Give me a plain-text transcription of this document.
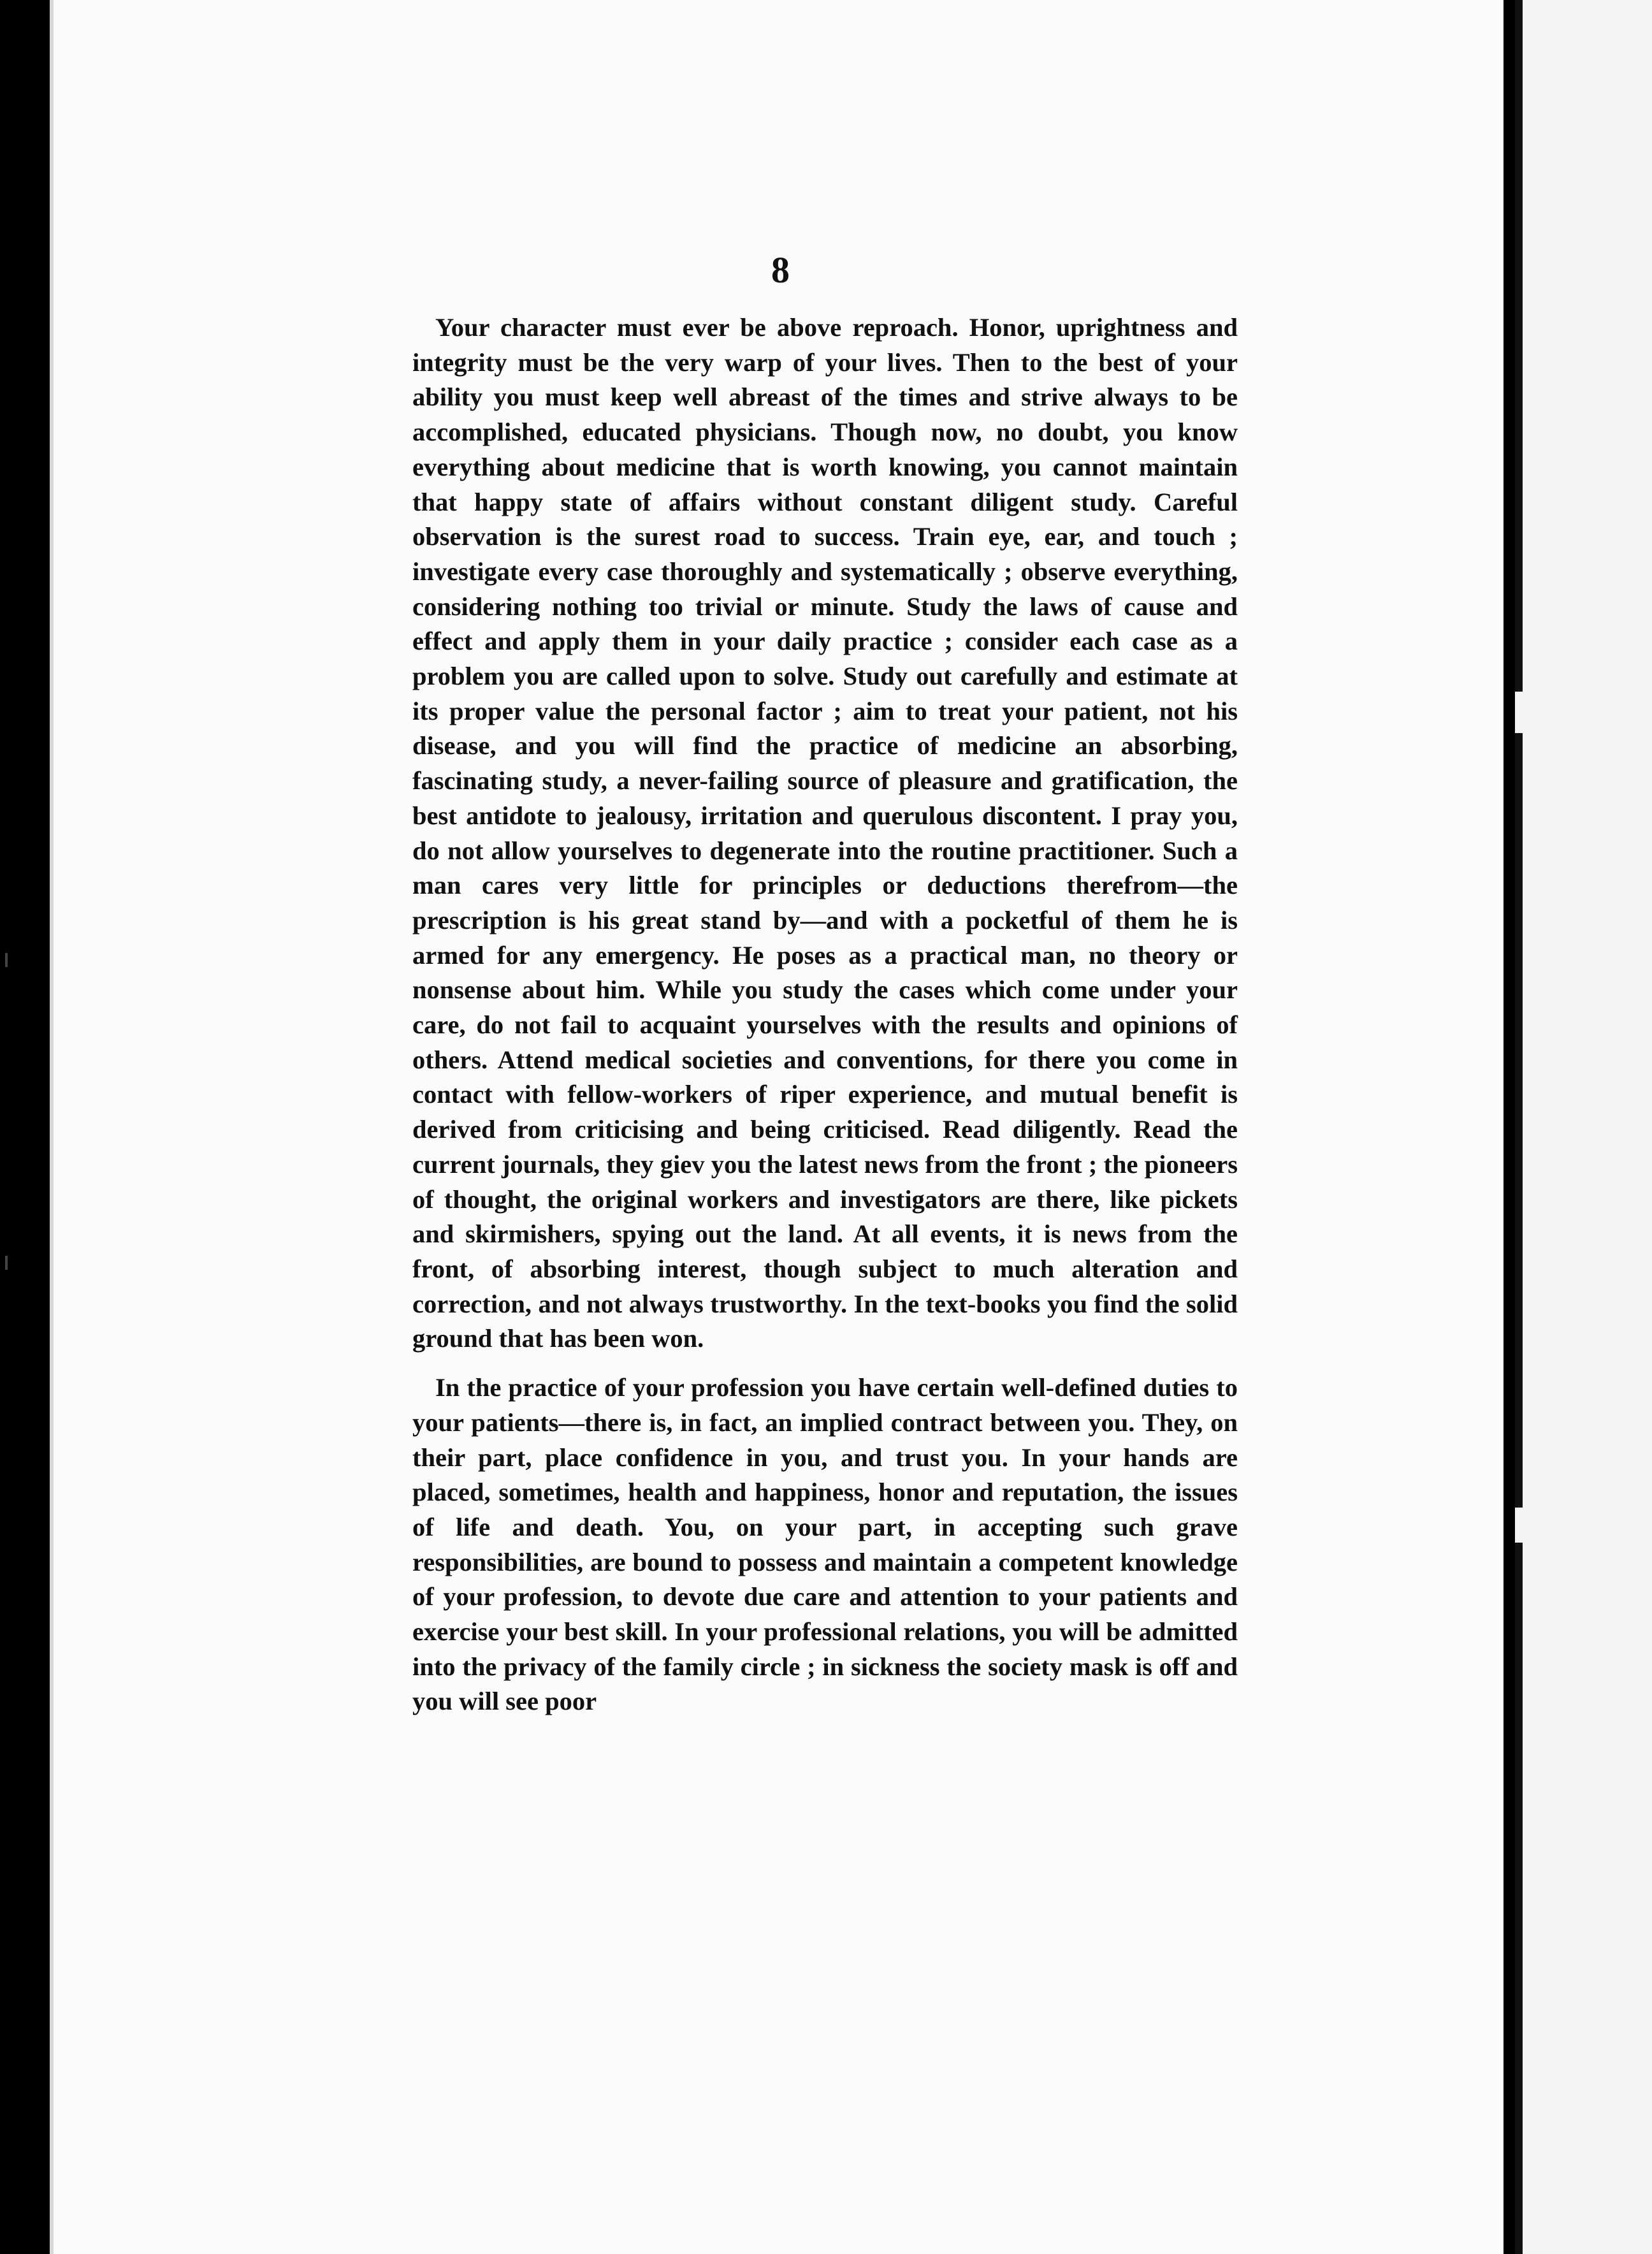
8

Your character must ever be above reproach. Honor, uprightness and integrity must be the very warp of your lives. Then to the best of your ability you must keep well abreast of the times and strive always to be accomplished, educated physicians. Though now, no doubt, you know everything about medicine that is worth knowing, you cannot maintain that happy state of affairs without constant diligent study. Careful observation is the surest road to success. Train eye, ear, and touch ; investigate every case thoroughly and systematically ; observe everything, considering nothing too trivial or minute. Study the laws of cause and effect and apply them in your daily practice ; consider each case as a problem you are called upon to solve. Study out carefully and estimate at its proper value the personal factor ; aim to treat your patient, not his disease, and you will find the practice of medicine an absorbing, fascinating study, a never-failing source of pleasure and gratification, the best antidote to jealousy, irritation and querulous discontent. I pray you, do not allow yourselves to degenerate into the routine practitioner. Such a man cares very little for principles or deductions therefrom—the prescription is his great stand by—and with a pocketful of them he is armed for any emergency. He poses as a practical man, no theory or nonsense about him. While you study the cases which come under your care, do not fail to acquaint yourselves with the results and opinions of others. Attend medical societies and conventions, for there you come in contact with fellow-workers of riper experience, and mutual benefit is derived from criticising and being criticised. Read diligently. Read the current journals, they giev you the latest news from the front ; the pioneers of thought, the original workers and investigators are there, like pickets and skirmishers, spying out the land. At all events, it is news from the front, of absorbing interest, though subject to much alteration and correction, and not always trustworthy. In the text-books you find the solid ground that has been won.

In the practice of your profession you have certain well-defined duties to your patients—there is, in fact, an implied contract between you. They, on their part, place confidence in you, and trust you. In your hands are placed, sometimes, health and happiness, honor and reputation, the issues of life and death. You, on your part, in accepting such grave responsibilities, are bound to possess and maintain a competent knowledge of your profession, to devote due care and attention to your patients and exercise your best skill. In your professional relations, you will be admitted into the privacy of the family circle ; in sickness the society mask is off and you will see poor
